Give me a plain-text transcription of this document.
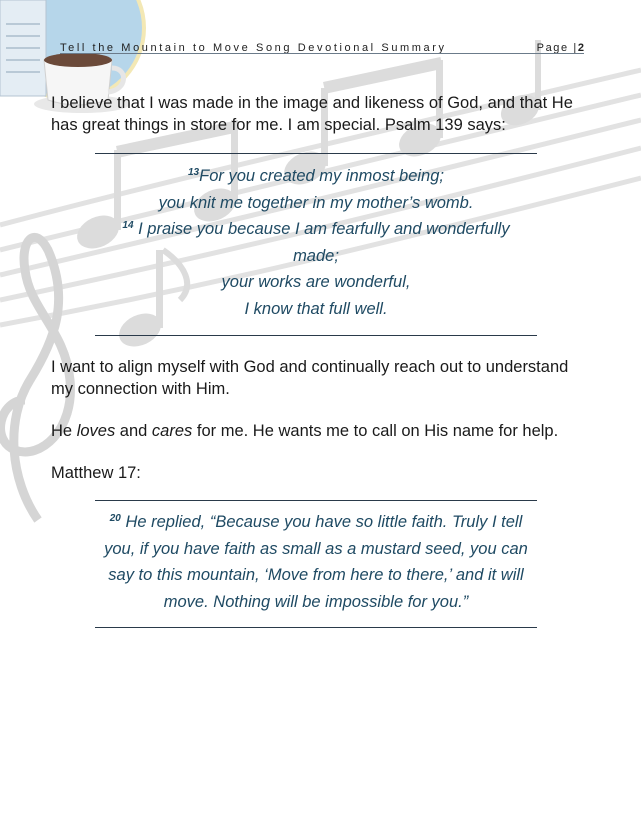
Tell the Mountain to Move Song Devotional Summary	Page |2

I believe that I was made in the image and likeness of God, and that He has great things in store for me. I am special. Psalm 139 says:

$^{13}$For you created my inmost being;
you knit me together in my mother’s womb.
$^{14}$ I praise you because I am fearfully and wonderfully made;
your works are wonderful,
I know that full well.

I want to align myself with God and continually reach out to understand my connection with Him.

He loves and cares for me. He wants me to call on His name for help.

Matthew 17:

$^{20}$ He replied, “Because you have so little faith. Truly I tell you, if you have faith as small as a mustard seed, you can say to this mountain, ‘Move from here to there,’ and it will move. Nothing will be impossible for you.”
